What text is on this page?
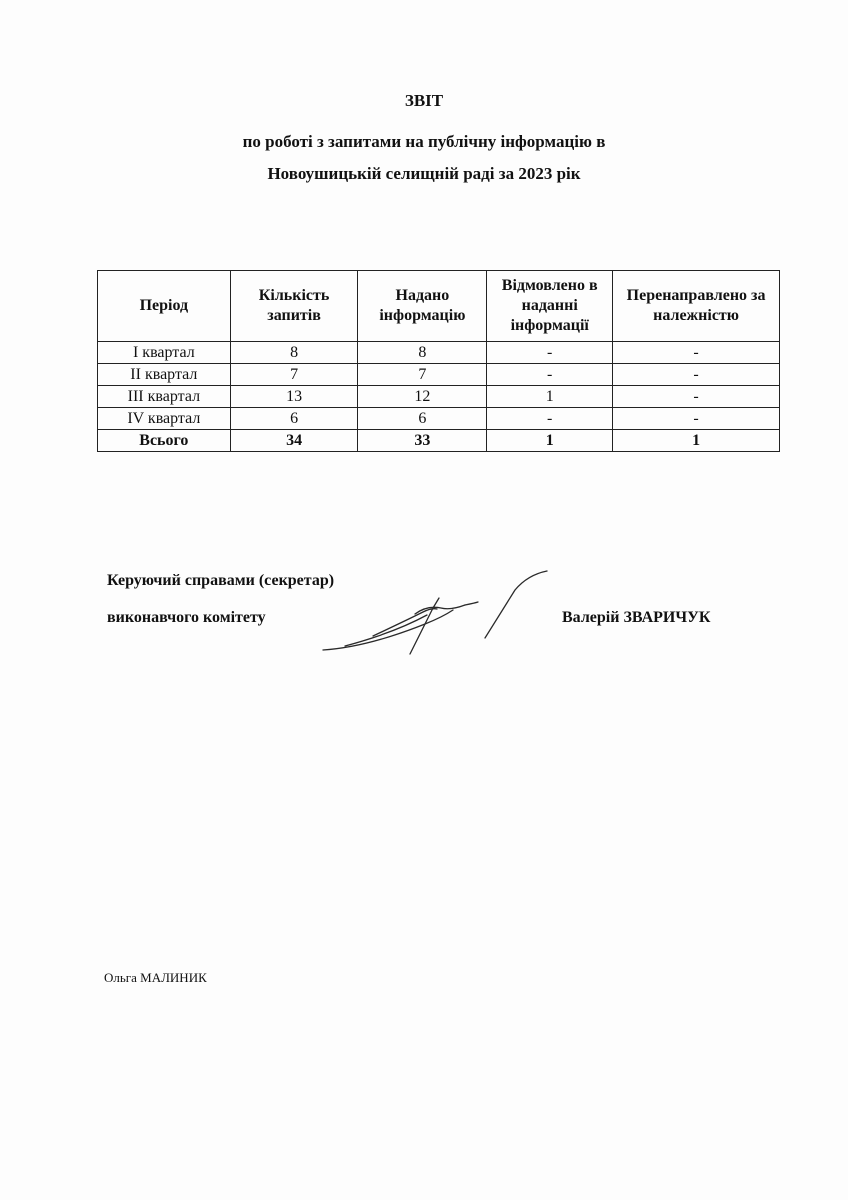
ЗВІТ
по роботі з запитами на публічну інформацію в
Новоушицькій селищній раді за 2023 рік
Період	Кількість запитів	Надано інформацію	Відмовлено в наданні інформації	Перенаправлено за належністю
I квартал	8	8	-	-
II квартал	7	7	-	-
III квартал	13	12	1	-
IV квартал	6	6	-	-
Всього	34	33	1	1
Керуючий справами (секретар)
виконавчого комітету	Валерій ЗВАРИЧУК
Ольга МАЛИНИК
